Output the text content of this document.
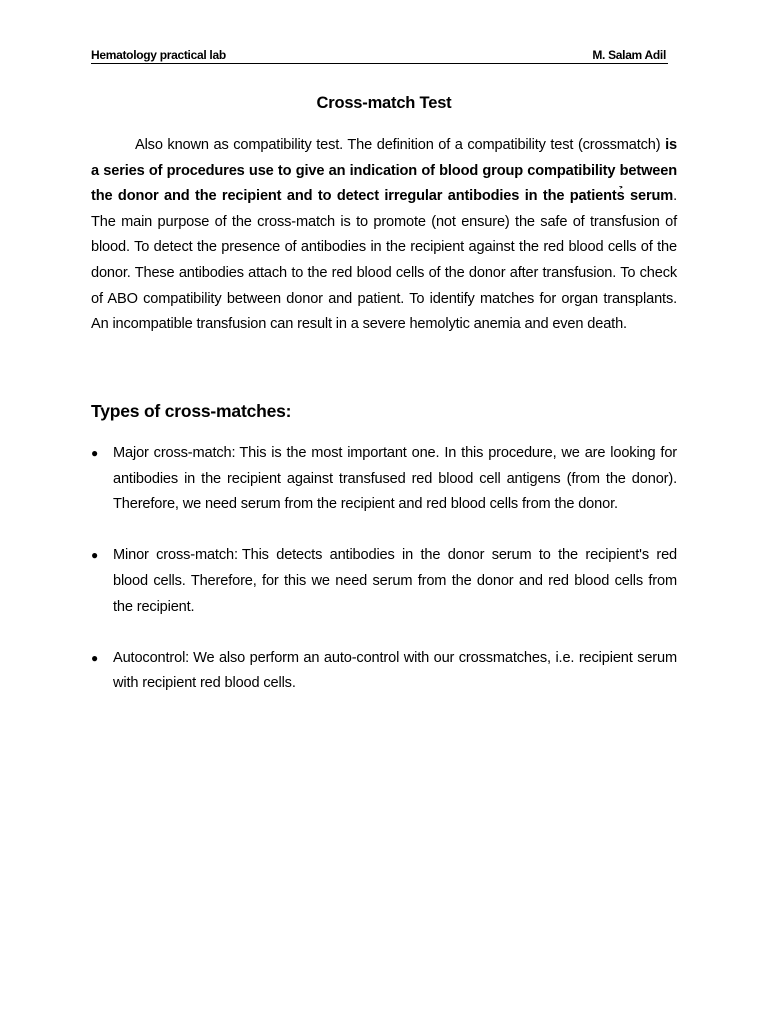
Hematology practical lab	M. Salam Adil
Cross-match Test

Also known as compatibility test. The definition of a compatibility test (crossmatch) is a series of procedures use to give an indication of blood group compatibility between the donor and the recipient and to detect irregular antibodies in the patients̉ serum. The main purpose of the cross-match is to promote (not ensure) the safe of transfusion of blood. To detect the presence of antibodies in the recipient against the red blood cells of the donor. These antibodies attach to the red blood cells of the donor after transfusion. To check of ABO compatibility between donor and patient. To identify matches for organ transplants. An incompatible transfusion can result in a severe hemolytic anemia and even death.

Types of cross-matches:
● Major cross-match: This is the most important one. In this procedure, we are looking for antibodies in the recipient against transfused red blood cell antigens (from the donor). Therefore, we need serum from the recipient and red blood cells from the donor.
● Minor cross-match: This detects antibodies in the donor serum to the recipient's red blood cells. Therefore, for this we need serum from the donor and red blood cells from the recipient.
● Autocontrol: We also perform an auto-control with our crossmatches, i.e. recipient serum with recipient red blood cells.
